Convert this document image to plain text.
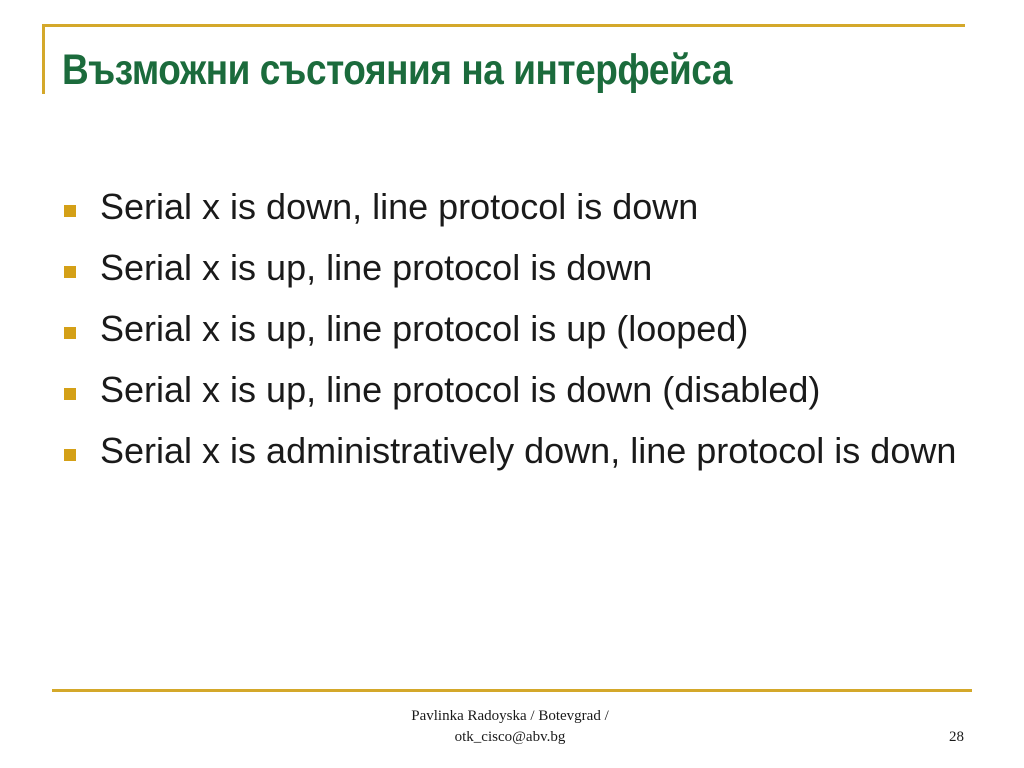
Възможни състояния на интерфейса
Serial x is down, line protocol is down
Serial x is up, line protocol is down
Serial x is up, line protocol is up (looped)
Serial x is up, line protocol is down (disabled)
Serial x is administratively down, line protocol is down
Pavlinka Radoyska / Botevgrad /
otk_cisco@abv.bg	28
